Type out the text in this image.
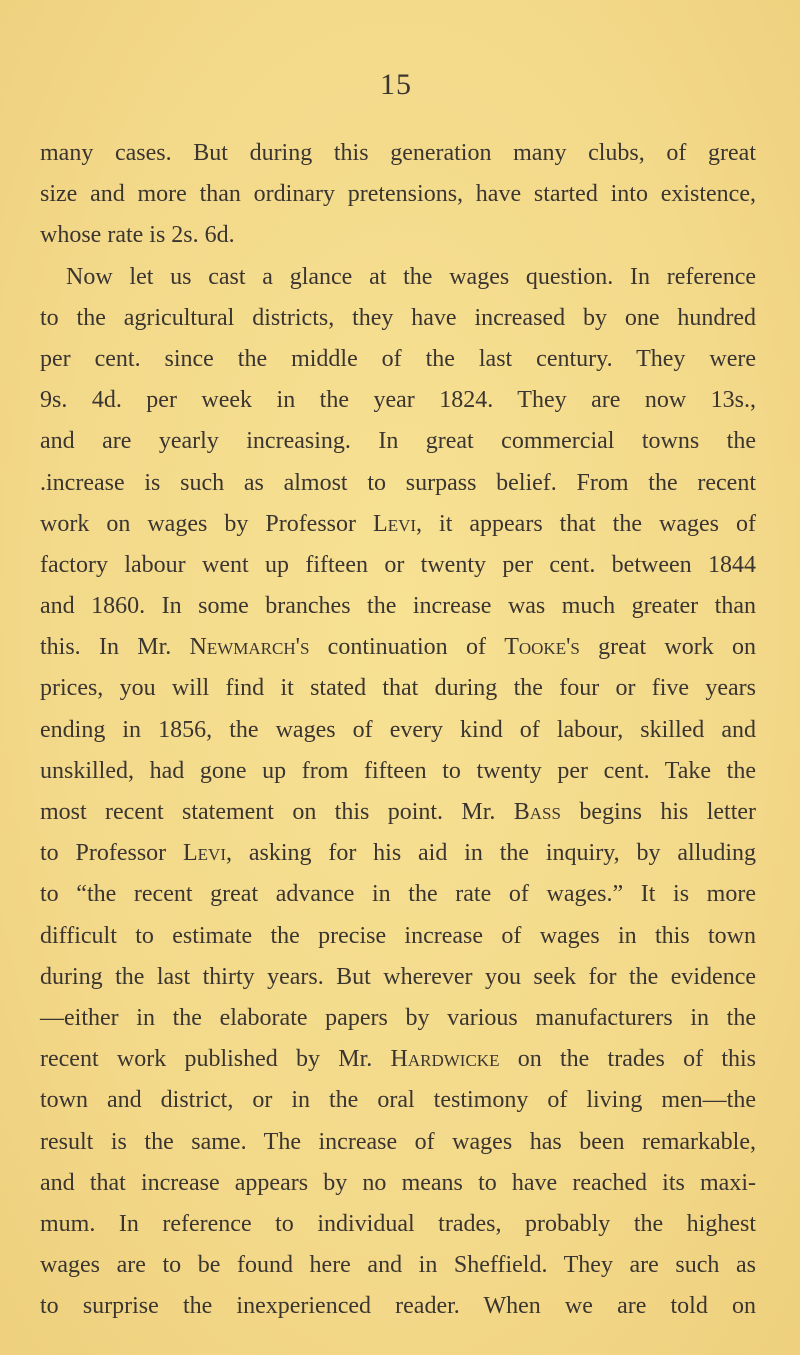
15
many cases. But during this generation many clubs, of great
size and more than ordinary pretensions, have started into existence,
whose rate is 2s. 6d.
Now let us cast a glance at the wages question. In reference
to the agricultural districts, they have increased by one hundred
per cent. since the middle of the last century. They were
9s. 4d. per week in the year 1824. They are now 13s.,
and are yearly increasing. In great commercial towns the
.increase is such as almost to surpass belief. From the recent
work on wages by Professor Levi, it appears that the wages of
factory labour went up fifteen or twenty per cent. between 1844
and 1860. In some branches the increase was much greater than
this. In Mr. Newmarch's continuation of Tooke's great work on
prices, you will find it stated that during the four or five years
ending in 1856, the wages of every kind of labour, skilled and
unskilled, had gone up from fifteen to twenty per cent. Take the
most recent statement on this point. Mr. Bass begins his letter
to Professor Levi, asking for his aid in the inquiry, by alluding
to “the recent great advance in the rate of wages.” It is more
difficult to estimate the precise increase of wages in this town
during the last thirty years. But wherever you seek for the evidence
—either in the elaborate papers by various manufacturers in the
recent work published by Mr. Hardwicke on the trades of this
town and district, or in the oral testimony of living men—the
result is the same. The increase of wages has been remarkable,
and that increase appears by no means to have reached its maxi-
mum. In reference to individual trades, probably the highest
wages are to be found here and in Sheffield. They are such as
to surprise the inexperienced reader. When we are told on
